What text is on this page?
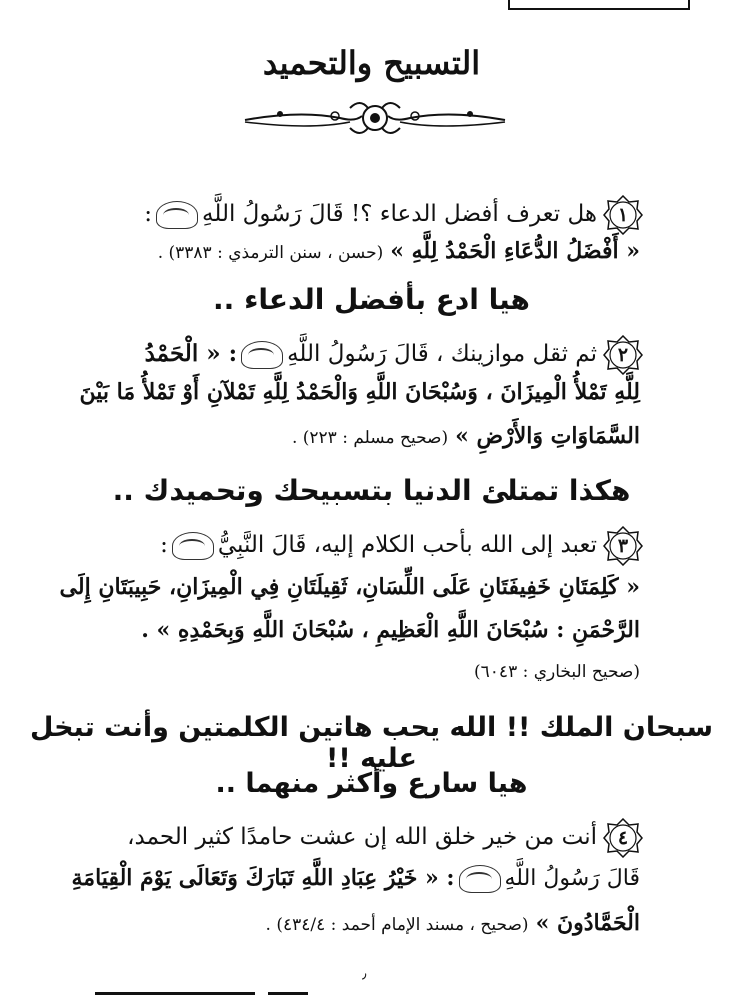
التسبيح والتحميد
١
هل تعرف أفضل الدعاء ؟! قَالَ رَسُولُ اللَّهِ:
« أَفْضَلُ الدُّعَاءِ الْحَمْدُ لِلَّهِ » (حسن ، سنن الترمذي : ٣٣٨٣) .
هيا ادع بأفضل الدعاء ..
٢
ثم ثقل موازينك ، قَالَ رَسُولُ اللَّهِ: « الْحَمْدُ
لِلَّهِ تَمْلأُ الْمِيزَانَ ، وَسُبْحَانَ اللَّهِ وَالْحَمْدُ لِلَّهِ تَمْلآنِ أَوْ تَمْلأُ مَا بَيْنَ
السَّمَاوَاتِ وَالأَرْضِ » (صحيح مسلم : ٢٢٣) .
هكذا تمتلئ الدنيا بتسبيحك وتحميدك ..
٣
تعبد إلى الله بأحب الكلام إليه، قَالَ النَّبِيُّ:
« كَلِمَتَانِ خَفِيفَتَانِ عَلَى اللِّسَانِ، ثَقِيلَتَانِ فِي الْمِيزَانِ، حَبِيبَتَانِ إِلَى
الرَّحْمَنِ : سُبْحَانَ اللَّهِ الْعَظِيمِ ، سُبْحَانَ اللَّهِ وَبِحَمْدِهِ » .
(صحيح البخاري : ٦٠٤٣)
سبحان الملك !! الله يحب هاتين الكلمتين وأنت تبخل عليه !!
هيا سارع وأكثر منهما ..
٤
أنت من خير خلق الله إن عشت حامدًا كثير الحمد،
قَالَ رَسُولُ اللَّهِ: « خَيْرُ عِبَادِ اللَّهِ تَبَارَكَ وَتَعَالَى يَوْمَ الْقِيَامَةِ
الْحَمَّادُونَ » (صحيح ، مسند الإمام أحمد : ٤٣٤/٤) .
٫
